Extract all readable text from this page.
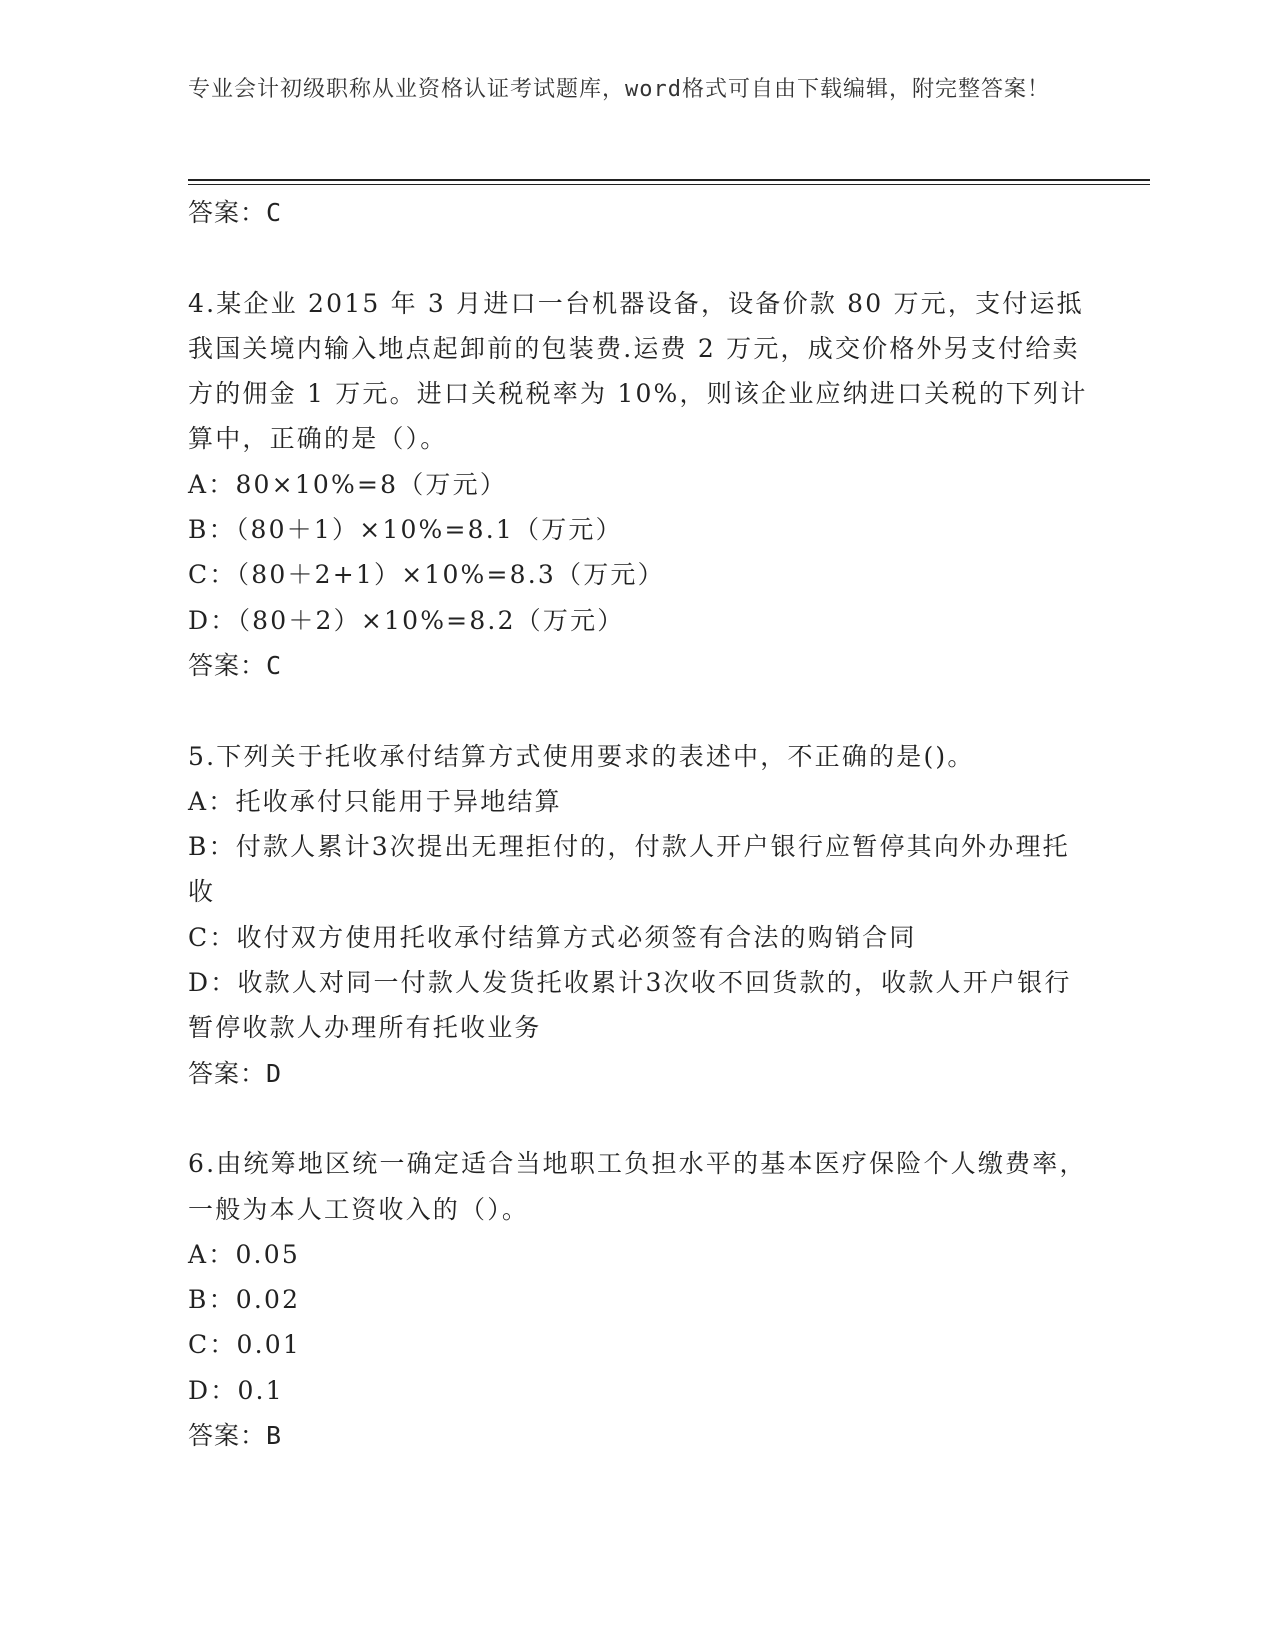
专业会计初级职称从业资格认证考试题库，word格式可自由下载编辑，附完整答案！
答案：C
4.某企业 2015 年 3 月进口一台机器设备，设备价款 80 万元，支付运抵我国关境内输入地点起卸前的包装费.运费 2 万元，成交价格外另支付给卖方的佣金 1 万元。进口关税税率为 10%，则该企业应纳进口关税的下列计算中，正确的是（）。
A：80×10%=8（万元）
B：（80＋1）×10%=8.1（万元）
C：（80＋2+1）×10%=8.3（万元）
D：（80＋2）×10%=8.2（万元）
答案：C
5.下列关于托收承付结算方式使用要求的表述中，不正确的是()。
A：托收承付只能用于异地结算
B：付款人累计3次提出无理拒付的，付款人开户银行应暂停其向外办理托收
C：收付双方使用托收承付结算方式必须签有合法的购销合同
D：收款人对同一付款人发货托收累计3次收不回货款的，收款人开户银行暂停收款人办理所有托收业务
答案：D
6.由统筹地区统一确定适合当地职工负担水平的基本医疗保险个人缴费率，一般为本人工资收入的（）。
A：0.05
B：0.02
C：0.01
D：0.1
答案：B
